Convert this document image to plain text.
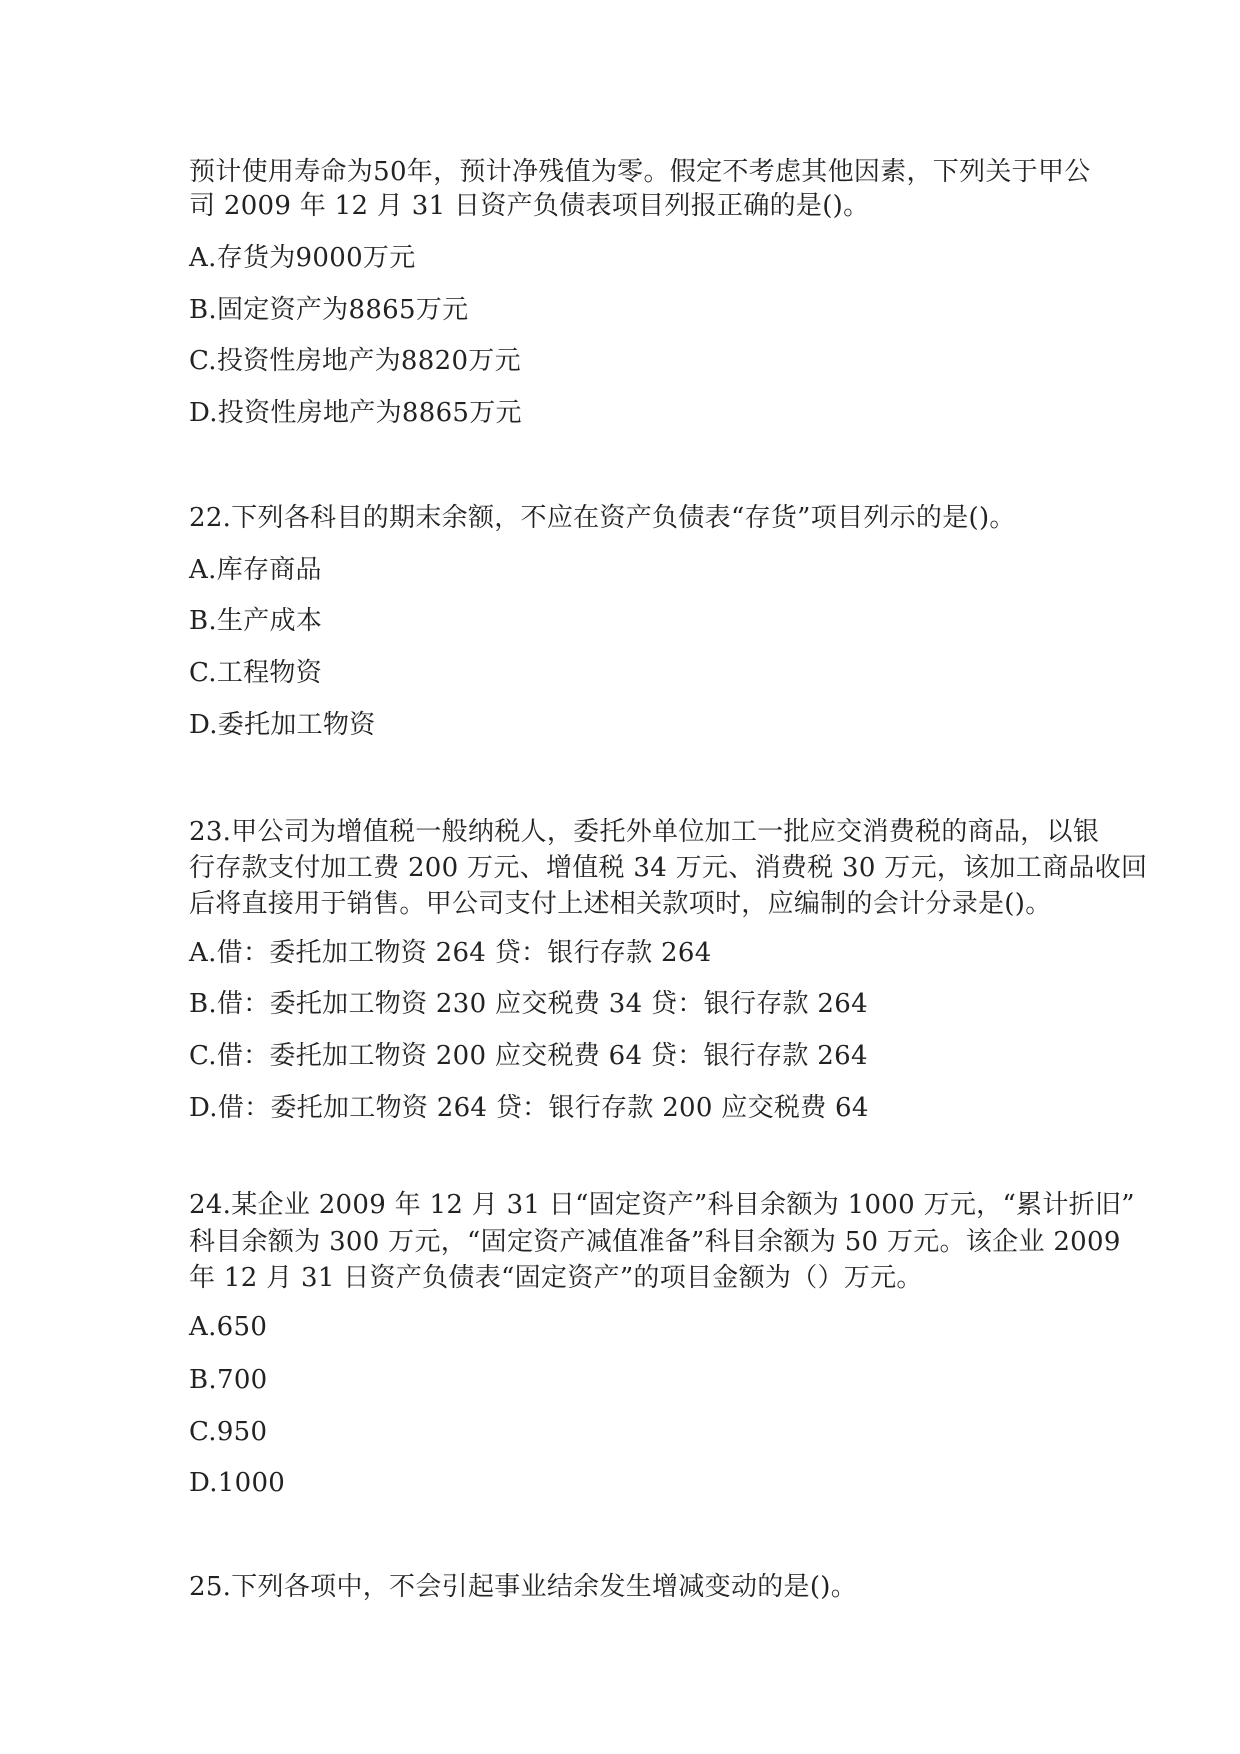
预计使用寿命为50年，预计净残值为零。假定不考虑其他因素，下列关于甲公
司 2009 年 12 月 31 日资产负债表项目列报正确的是()。
A.存货为9000万元
B.固定资产为8865万元
C.投资性房地产为8820万元
D.投资性房地产为8865万元
22.下列各科目的期末余额，不应在资产负债表“存货”项目列示的是()。
A.库存商品
B.生产成本
C.工程物资
D.委托加工物资
23.甲公司为增值税一般纳税人，委托外单位加工一批应交消费税的商品，以银
行存款支付加工费 200 万元、增值税 34 万元、消费税 30 万元，该加工商品收回
后将直接用于销售。甲公司支付上述相关款项时，应编制的会计分录是()。
A.借：委托加工物资 264 贷：银行存款 264
B.借：委托加工物资 230 应交税费 34 贷：银行存款 264
C.借：委托加工物资 200 应交税费 64 贷：银行存款 264
D.借：委托加工物资 264 贷：银行存款 200 应交税费 64
24.某企业 2009 年 12 月 31 日“固定资产”科目余额为 1000 万元，“累计折旧”
科目余额为 300 万元，“固定资产减值准备”科目余额为 50 万元。该企业 2009
年 12 月 31 日资产负债表“固定资产”的项目金额为（）万元。
A.650
B.700
C.950
D.1000
25.下列各项中，不会引起事业结余发生增减变动的是()。
